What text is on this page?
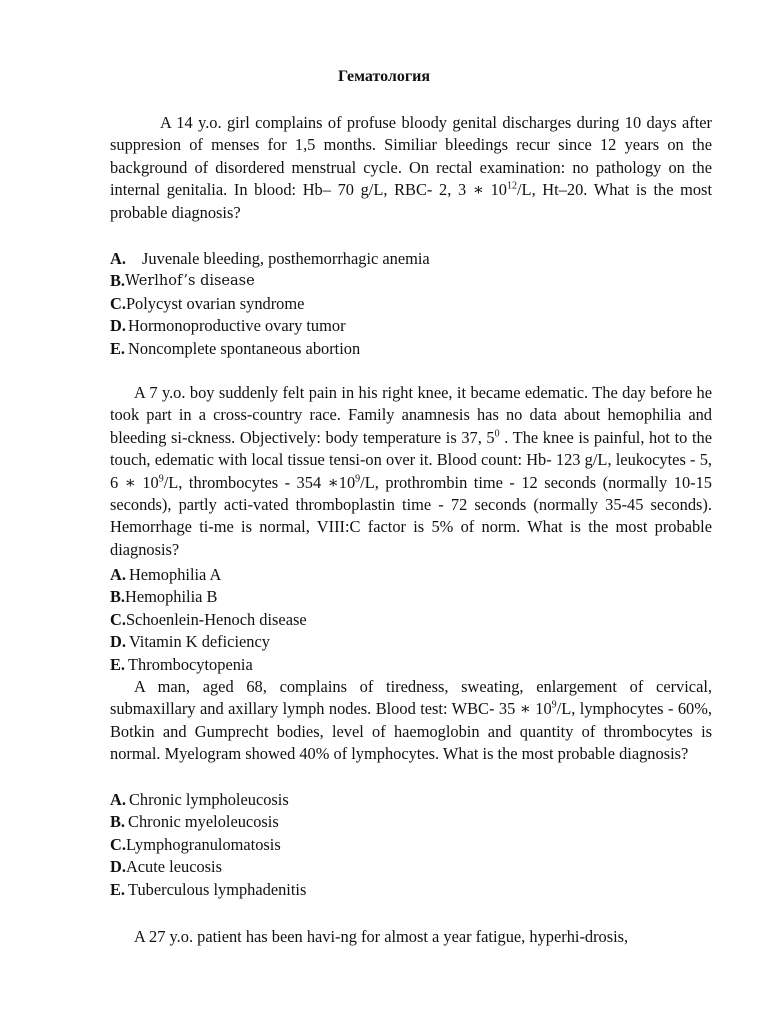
Гематология
A 14 y.o. girl complains of profuse bloody genital discharges during 10 days after suppresion of menses for 1,5 months. Similiar bleedings recur since 12 years on the background of disordered menstrual cycle. On rectal examination: no pathology on the internal genitalia. In blood: Hb– 70 g/L, RBC- 2, 3 ∗ $10^{12}/L$, Ht–20. What is the most probable diagnosis?
A.
Juvenale bleeding, posthemorrhagic anemia
B. Werlhof’s disease
C. Polycyst ovarian syndrome
D. Hormonoproductive ovary tumor
E. Noncomplete spontaneous abortion
A 7 y.o. boy suddenly felt pain in his right knee, it became edematic. The day before he took part in a cross-country race. Family anamnesis has no data about hemophilia and bleeding si-ckness. Objectively: body temperature is 37, $5^0$ . The knee is painful, hot to the touch, edematic with local tissue tensi-on over it. Blood count: Hb- 123 g/L, leukocytes - 5, 6 ∗ $10^9/L$, thrombocytes - 354 $∗10^9/L$, prothrombin time - 12 seconds (normally 10-15 seconds), partly acti-vated thromboplastin time - 72 seconds (normally 35-45 seconds). Hemorrhage ti-me is normal, VIII:C factor is 5% of norm. What is the most probable diagnosis?
A. Hemophilia A
B. Hemophilia B
C. Schoenlein-Henoch disease
D. Vitamin K deficiency
E. Thrombocytopenia
A man, aged 68, complains of tiredness, sweating, enlargement of cervical, submaxillary and axillary lymph nodes. Blood test: WBC- 35 ∗ $10^9/L$, lymphocytes - 60%, Botkin and Gumprecht bodies, level of haemoglobin and quantity of thrombocytes is normal. Myelogram showed 40% of lymphocytes. What is the most probable diagnosis?
A. Chronic lympholeucosis
B. Chronic myeloleucosis
C. Lymphogranulomatosis
D. Acute leucosis
E. Tuberculous lymphadenitis
A 27 y.o. patient has been havi-ng for almost a year fatigue, hyperhi-drosis,
